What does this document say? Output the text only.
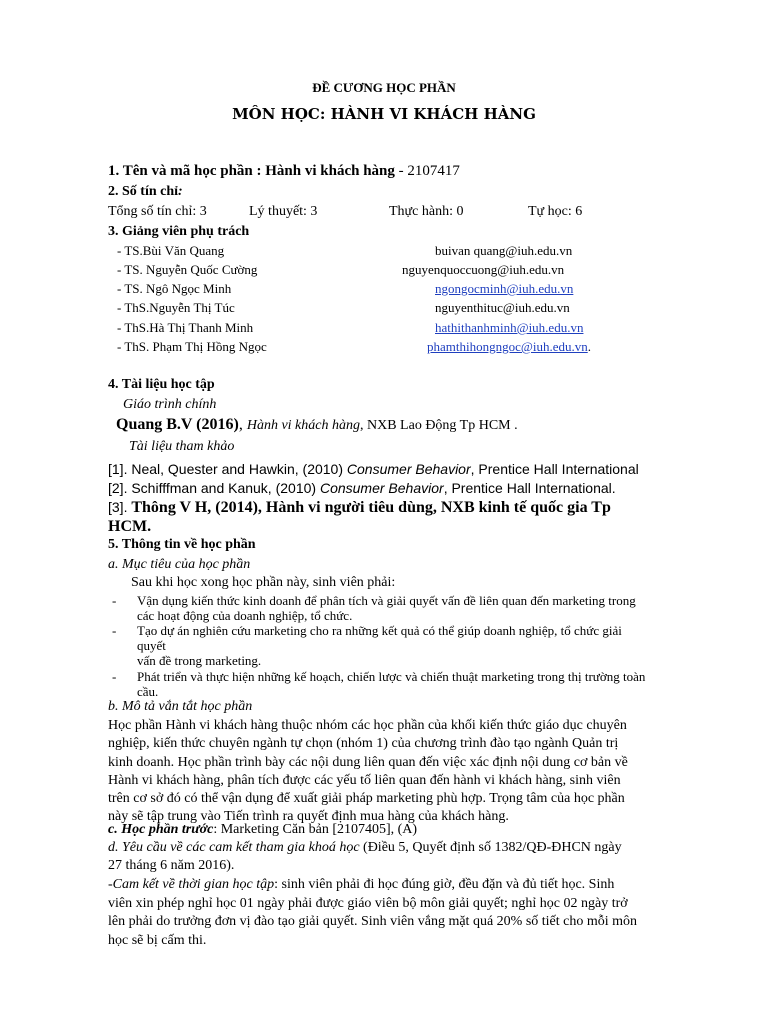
ĐỀ CƯƠNG HỌC PHẦN
MÔN HỌC: HÀNH VI KHÁCH HÀNG
1. Tên và mã học phần : Hành vi khách hàng - 2107417
2. Số tín chỉ:
Tổng số tín chỉ: 3	Lý thuyết: 3	Thực hành: 0	Tự học: 6
3. Giảng viên phụ trách
- TS.Bùi Văn Quang	buivan quang@iuh.edu.vn
- TS. Nguyễn Quốc Cường	nguyenquoccuong@iuh.edu.vn
- TS. Ngô Ngọc Minh	ngongocminh@iuh.edu.vn
- ThS.Nguyễn Thị Túc	nguyenthituc@iuh.edu.vn
- ThS.Hà Thị Thanh Minh	hathithanhminh@iuh.edu.vn
- ThS. Phạm Thị Hồng Ngọc	phamthihongngoc@iuh.edu.vn.
4. Tài liệu học tập
Giáo trình chính
Quang B.V (2016), Hành vi khách hàng, NXB Lao Động Tp HCM .
Tài liệu tham khảo
[1]. Neal, Quester and Hawkin, (2010) Consumer Behavior, Prentice Hall International
[2]. Schifffman and Kanuk, (2010) Consumer Behavior, Prentice Hall International.
[3]. Thông V H, (2014), Hành vi người tiêu dùng, NXB kinh tế quốc gia Tp
HCM.
5. Thông tin về học phần
a. Mục tiêu của học phần
Sau khi học xong học phần này, sinh viên phải:
- Vận dụng kiến thức kinh doanh để phân tích và giải quyết vấn đề liên quan đến marketing trong
các hoạt động của doanh nghiệp, tổ chức.
- Tạo dự án nghiên cứu marketing cho ra những kết quả có thể giúp doanh nghiệp, tổ chức giải
quyết
vấn đề trong marketing.
- Phát triển và thực hiện những kế hoạch, chiến lược và chiến thuật marketing trong thị trường toàn
cầu.
b. Mô tả vắn tắt học phần
Học phần Hành vi khách hàng thuộc nhóm các học phần của khối kiến thức giáo dục chuyên
nghiệp, kiến thức chuyên ngành tự chọn (nhóm 1) của chương trình đào tạo ngành Quản trị
kinh doanh. Học phần trình bày các nội dung liên quan đến việc xác định nội dung cơ bản về
Hành vi khách hàng, phân tích được các yếu tố liên quan đến hành vi khách hàng, sinh viên
trên cơ sở đó có thể vận dụng để xuất giải pháp marketing phù hợp. Trọng tâm của học phần
này sẽ tập trung vào Tiến trình ra quyết định mua hàng của khách hàng.
c. Học phần trước: Marketing Căn bản [2107405], (A)
d. Yêu cầu về các cam kết tham gia khoá học (Điều 5, Quyết định số 1382/QĐ-ĐHCN ngày
27 tháng 6 năm 2016).
-Cam kết về thời gian học tập: sinh viên phải đi học đúng giờ, đều đặn và đủ tiết học. Sinh
viên xin phép nghỉ học 01 ngày phải được giáo viên bộ môn giải quyết; nghỉ học 02 ngày trở
lên phải do trưởng đơn vị đào tạo giải quyết. Sinh viên vắng mặt quá 20% số tiết cho mỗi môn
học sẽ bị cấm thi.
